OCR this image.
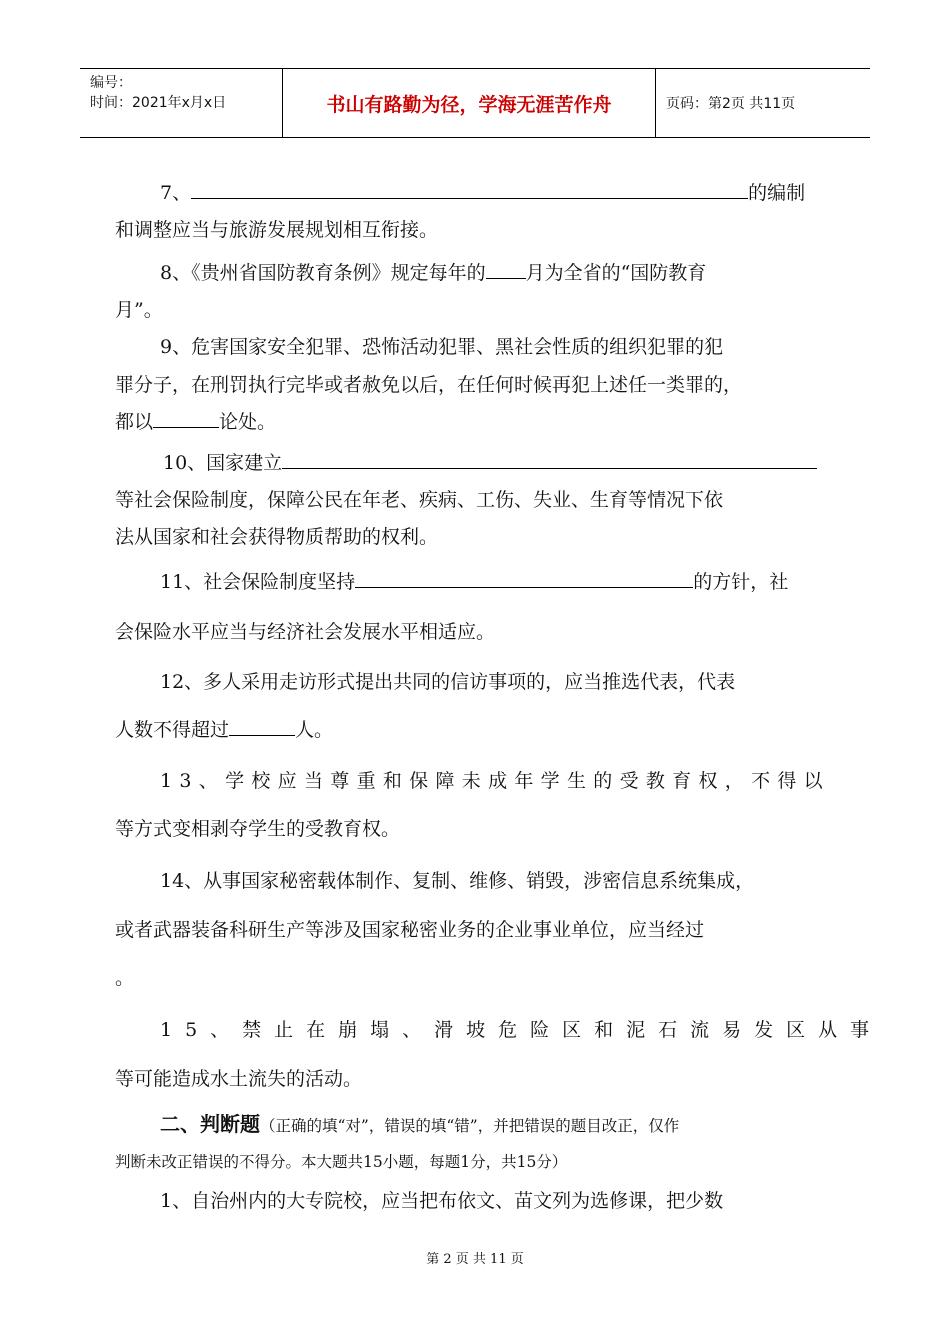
编号：
时间：2021年x月x日	书山有路勤为径，学海无涯苦作舟	页码：第2页 共11页
7、	的编制
和调整应当与旅游发展规划相互衔接。
8、《贵州省国防教育条例》规定每年的 月为全省的“国防教育
月”。
9、危害国家安全犯罪、恐怖活动犯罪、黑社会性质的组织犯罪的犯
罪分子，在刑罚执行完毕或者赦免以后，在任何时候再犯上述任一类罪的，
都以	论处。
10、国家建立
等社会保险制度，保障公民在年老、疾病、工伤、失业、生育等情况下依
法从国家和社会获得物质帮助的权利。
11、社会保险制度坚持	的方针，社
会保险水平应当与经济社会发展水平相适应。
12、多人采用走访形式提出共同的信访事项的，应当推选代表，代表
人数不得超过	人。
13、学校应当尊重和保障未成年学生的受教育权，不得以
等方式变相剥夺学生的受教育权。
14、从事国家秘密载体制作、复制、维修、销毁，涉密信息系统集成，
或者武器装备科研生产等涉及国家秘密业务的企业事业单位，应当经过
。
15、禁止在崩塌、滑坡危险区和泥石流易发区从事
等可能造成水土流失的活动。
二、判断题（正确的填“对”，错误的填“错”，并把错误的题目改正，仅作
判断未改正错误的不得分。本大题共15小题，每题1分，共15分）
1、自治州内的大专院校，应当把布依文、苗文列为选修课，把少数
第 2 页 共 11 页
